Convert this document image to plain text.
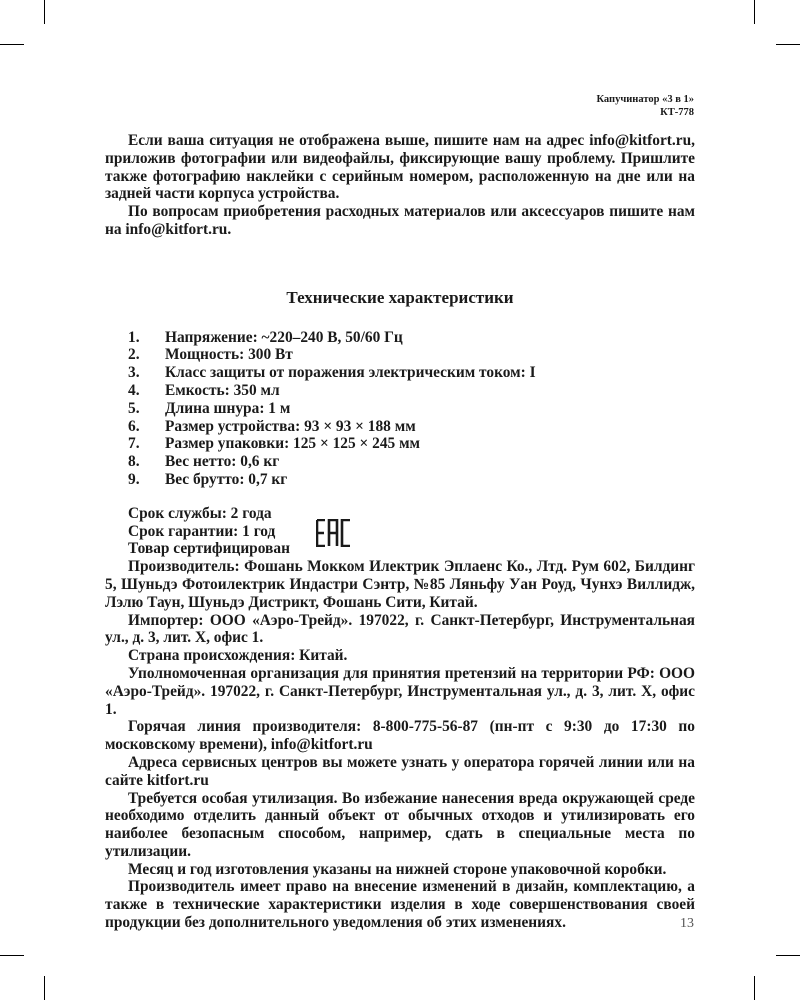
Капучинатор «3 в 1»
КТ-778

Если ваша ситуация не отображена выше, пишите нам на адрес info@kitfort.ru, приложив фотографии или видеофайлы, фиксирующие вашу проблему. Пришлите также фотографию наклейки с серийным номером, расположенную на дне или на задней части корпуса устройства.

По вопросам приобретения расходных материалов или аксессуаров пишите нам на info@kitfort.ru.

Технические характеристики
1.	Напряжение: ~220–240 В, 50/60 Гц
2.	Мощность: 300 Вт
3.	Класс защиты от поражения электрическим током: I
4.	Емкость: 350 мл
5.	Длина шнура: 1 м
6.	Размер устройства: 93 × 93 × 188 мм
7.	Размер упаковки: 125 × 125 × 245 мм
8.	Вес нетто: 0,6 кг
9.	Вес брутто: 0,7 кг

Срок службы: 2 года

Срок гарантии: 1 год

Товар сертифицирован

Производитель: Фошань Мокком Илектрик Эплаенс Ко., Лтд. Рум 602, Билдинг 5, Шуньдэ Фотоилектрик Индастри Сэнтр, №85 Ляньфу Уан Роуд, Чунхэ Виллидж, Лэлю Таун, Шуньдэ Дистрикт, Фошань Сити, Китай.

Импортер: ООО «Аэро-Трейд». 197022, г. Санкт-Петербург, Инструментальная ул., д. 3, лит. Х, офис 1.

Страна происхождения: Китай.

Уполномоченная организация для принятия претензий на территории РФ: ООО «Аэро-Трейд». 197022, г. Санкт-Петербург, Инструментальная ул., д. 3, лит. Х, офис 1.

Горячая линия производителя: 8-800-775-56-87 (пн-пт с 9:30 до 17:30 по московскому времени), info@kitfort.ru

Адреса сервисных центров вы можете узнать у оператора горячей линии или на сайте kitfort.ru

Требуется особая утилизация. Во избежание нанесения вреда окружающей среде необходимо отделить данный объект от обычных отходов и утилизировать его наиболее безопасным способом, например, сдать в специальные места по утилизации.

Месяц и год изготовления указаны на нижней стороне упаковочной коробки.

Производитель имеет право на внесение изменений в дизайн, комплектацию, а также в технические характеристики изделия в ходе совершенствования своей продукции без дополнительного уведомления об этих изменениях.	13
